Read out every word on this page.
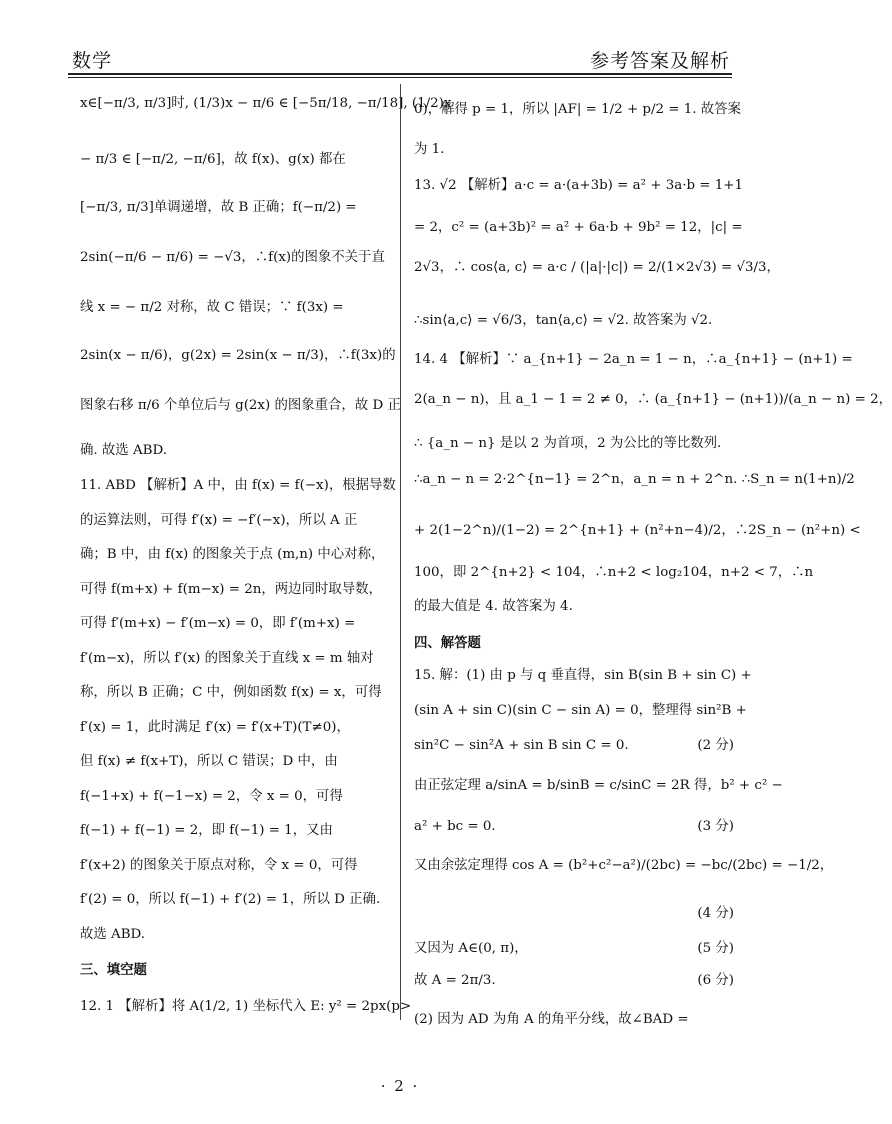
数学	参考答案及解析
x∈[−π/3, π/3]时, (1/3)x − π/6 ∈ [−5π/18, −π/18], (1/2)x
− π/3 ∈ [−π/2, −π/6]，故 f(x)、g(x) 都在
[−π/3, π/3]单调递增，故 B 正确；f(−π/2) =
2sin(−π/6 − π/6) = −√3，∴f(x)的图象不关于直
线 x = − π/2 对称，故 C 错误；∵ f(3x) =
2sin(x − π/6)，g(2x) = 2sin(x − π/3)，∴f(3x)的
图象右移 π/6 个单位后与 g(2x) 的图象重合，故 D 正
确. 故选 ABD.
11. ABD 【解析】A 中，由 f(x) = f(−x)，根据导数
的运算法则，可得 f′(x) = −f′(−x)，所以 A 正
确；B 中，由 f(x) 的图象关于点 (m,n) 中心对称，
可得 f(m+x) + f(m−x) = 2n，两边同时取导数，
可得 f′(m+x) − f′(m−x) = 0，即 f′(m+x) =
f′(m−x)，所以 f′(x) 的图象关于直线 x = m 轴对
称，所以 B 正确；C 中，例如函数 f(x) = x，可得
f′(x) = 1，此时满足 f′(x) = f′(x+T)(T≠0)，
但 f(x) ≠ f(x+T)，所以 C 错误；D 中，由
f(−1+x) + f(−1−x) = 2，令 x = 0，可得
f(−1) + f(−1) = 2，即 f(−1) = 1，又由
f′(x+2) 的图象关于原点对称，令 x = 0，可得
f′(2) = 0，所以 f(−1) + f′(2) = 1，所以 D 正确.
故选 ABD.
三、填空题
12. 1 【解析】将 A(1/2, 1) 坐标代入 E: y² = 2px(p>
0)，解得 p = 1，所以 |AF| = 1/2 + p/2 = 1. 故答案
为 1.
13. √2 【解析】a·c = a·(a+3b) = a² + 3a·b = 1+1
= 2，c² = (a+3b)² = a² + 6a·b + 9b² = 12，|c| =
2√3，∴ cos⟨a, c⟩ = a·c / (|a|·|c|) = 2/(1×2√3) = √3/3，
∴sin⟨a,c⟩ = √6/3，tan⟨a,c⟩ = √2. 故答案为 √2.
14. 4 【解析】∵ a_{n+1} − 2a_n = 1 − n，∴a_{n+1} − (n+1) =
2(a_n − n)，且 a_1 − 1 = 2 ≠ 0，∴ (a_{n+1} − (n+1))/(a_n − n) = 2，
∴ {a_n − n} 是以 2 为首项，2 为公比的等比数列.
∴a_n − n = 2·2^{n−1} = 2^n，a_n = n + 2^n. ∴S_n = n(1+n)/2
+ 2(1−2^n)/(1−2) = 2^{n+1} + (n²+n−4)/2，∴2S_n − (n²+n) <
100，即 2^{n+2} < 104，∴n+2 < log₂104，n+2 < 7，∴n
的最大值是 4. 故答案为 4.
四、解答题
15. 解：(1) 由 p 与 q 垂直得，sin B(sin B + sin C) +
(sin A + sin C)(sin C − sin A) = 0，整理得 sin²B +
sin²C − sin²A + sin B sin C = 0.	(2 分)
由正弦定理 a/sinA = b/sinB = c/sinC = 2R 得，b² + c² −
a² + bc = 0.	(3 分)
又由余弦定理得 cos A = (b²+c²−a²)/(2bc) = −bc/(2bc) = −1/2，
(4 分)
又因为 A∈(0, π)，	(5 分)
故 A = 2π/3.	(6 分)
(2) 因为 AD 为角 A 的角平分线，故∠BAD =
· 2 ·
